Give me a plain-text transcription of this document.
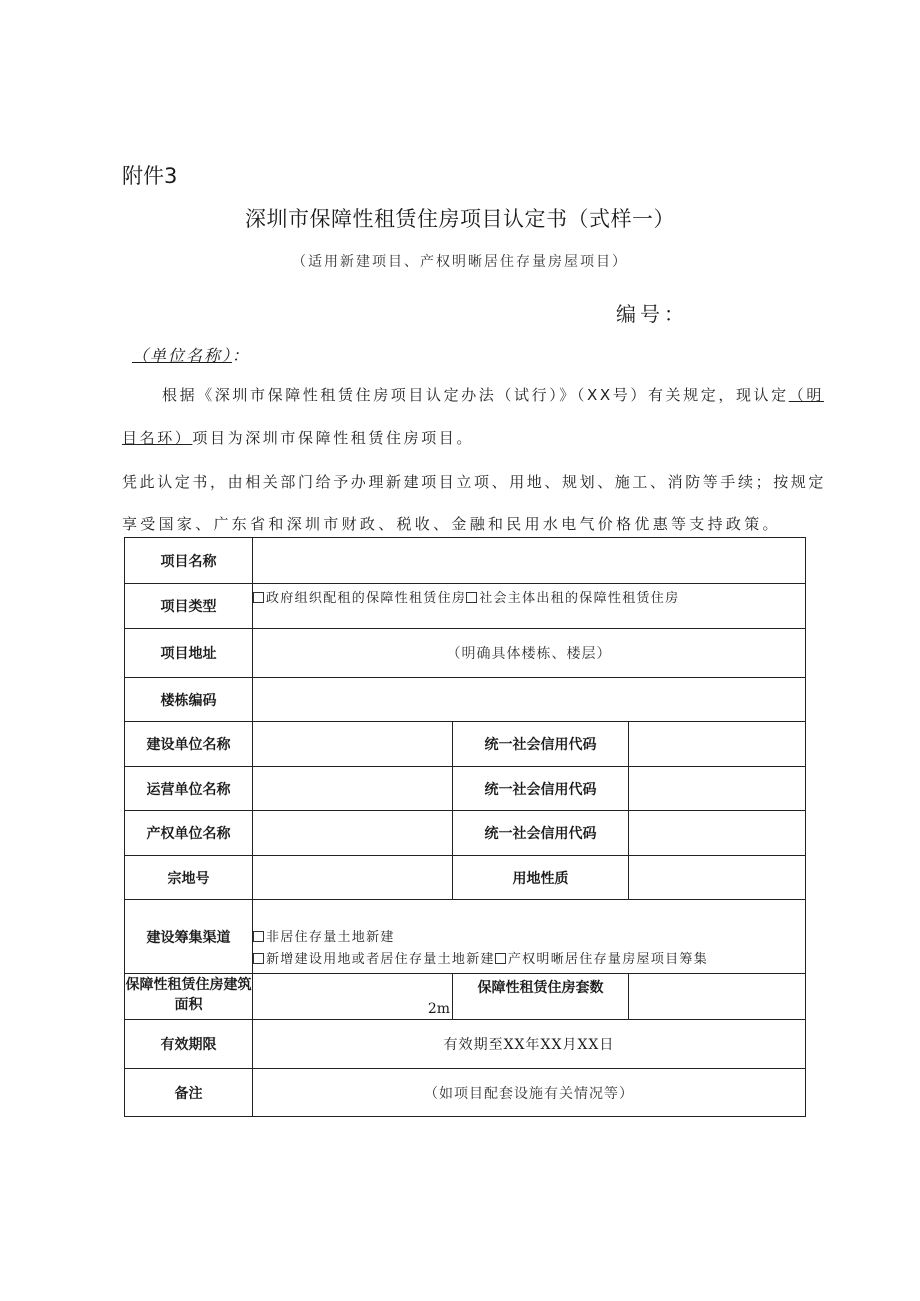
附件3
深圳市保障性租赁住房项目认定书（式样一）
（适用新建项目、产权明晰居住存量房屋项目）
编号：
（单位名称）：
根据《深圳市保障性租赁住房项目认定办法（试行）》（XX号）有关规定，现认定（明
目名环）项目为深圳市保障性租赁住房项目。
凭此认定书，由相关部门给予办理新建项目立项、用地、规划、施工、消防等手续；按规定
享受国家、广东省和深圳市财政、税收、金融和民用水电气价格优惠等支持政策。
项目名称			
项目类型	政府组织配租的保障性租赁住房 社会主体出租的保障性租赁住房		
项目地址	（明确具体楼栋、楼层）		
楼栋编码			
建设单位名称		统一社会信用代码	
运营单位名称		统一社会信用代码	
产权单位名称		统一社会信用代码	
宗地号		用地性质	
建设筹集渠道	非居住存量土地新建
新增建设用地或者居住存量土地新建 产权明晰居住存量房屋项目筹集		

保障性租赁住房建筑面积	2m	保障性租赁住房套数	
有效期限	有效期至XX年XX月XX日		
备注	（如项目配套设施有关情况等）		
